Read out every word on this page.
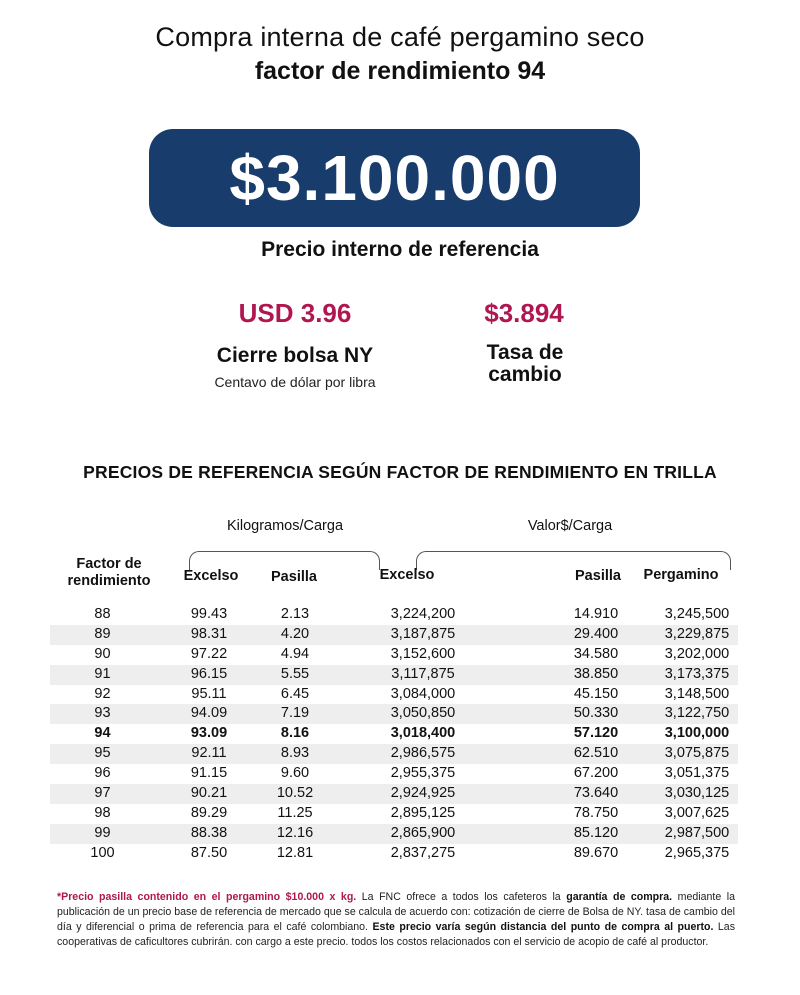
Compra interna de café pergamino seco
factor de rendimiento 94
$3.100.000
Precio interno de referencia
USD 3.96
Cierre bolsa NY
Centavo de dólar por libra
$3.894
Tasa de
cambio
PRECIOS DE REFERENCIA SEGÚN FACTOR DE RENDIMIENTO EN TRILLA
Kilogramos/Carga	Valor$/Carga
Factor de
rendimiento	Excelso	Pasilla	Excelso	Pasilla	Pergamino
88	99.43	2.13	3,224,200	14.910	3,245,500
89	98.31	4.20	3,187,875	29.400	3,229,875
90	97.22	4.94	3,152,600	34.580	3,202,000
91	96.15	5.55	3,117,875	38.850	3,173,375
92	95.11	6.45	3,084,000	45.150	3,148,500
93	94.09	7.19	3,050,850	50.330	3,122,750
94	93.09	8.16	3,018,400	57.120	3,100,000
95	92.11	8.93	2,986,575	62.510	3,075,875
96	91.15	9.60	2,955,375	67.200	3,051,375
97	90.21	10.52	2,924,925	73.640	3,030,125
98	89.29	11.25	2,895,125	78.750	3,007,625
99	88.38	12.16	2,865,900	85.120	2,987,500
100	87.50	12.81	2,837,275	89.670	2,965,375
*Precio pasilla contenido en el pergamino $10.000 x kg. La FNC ofrece a todos los cafeteros la garantía de compra. mediante la publicación de un precio base de referencia de mercado que se calcula de acuerdo con: cotización de cierre de Bolsa de NY. tasa de cambio del día y diferencial o prima de referencia para el café colombiano. Este precio varía según distancia del punto de compra al puerto. Las cooperativas de caficultores cubrirán. con cargo a este precio. todos los costos relacionados con el servicio de acopio de café al productor.
